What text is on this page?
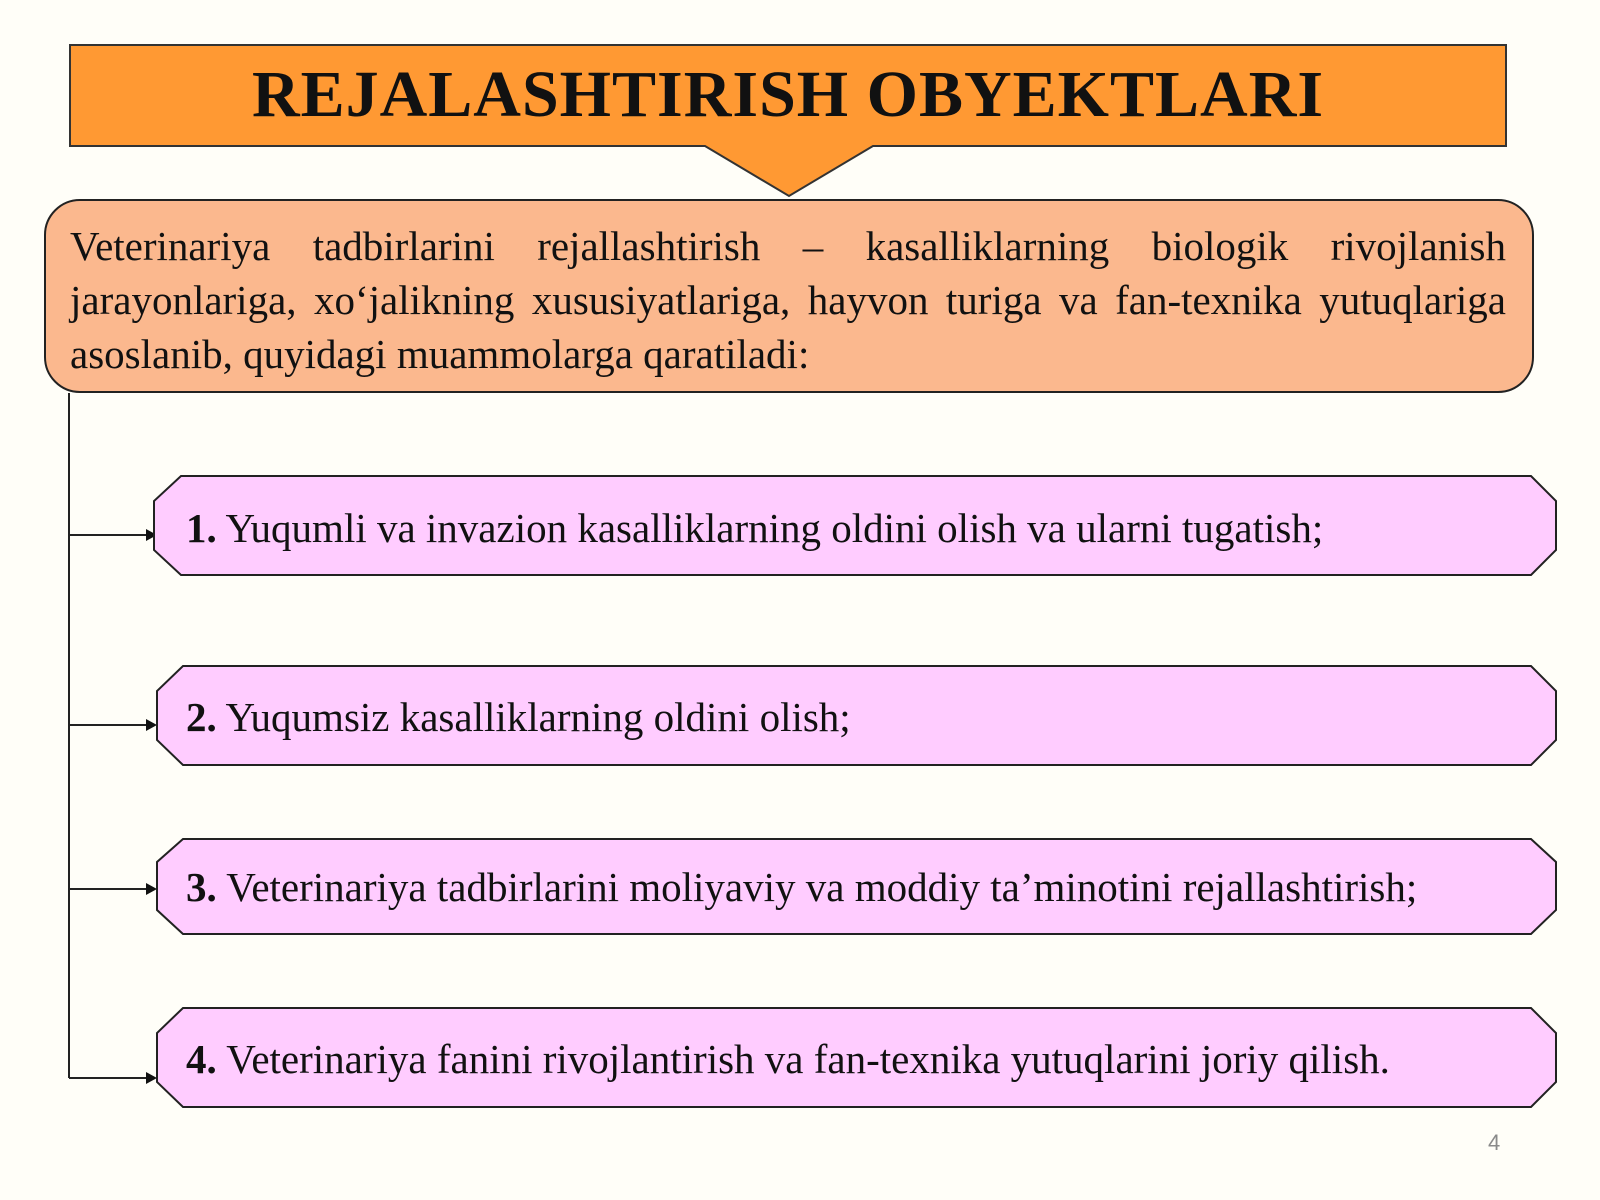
REJALASHTIRISH OBYEKTLARI
Veterinariya tadbirlarini rejallashtirish – kasalliklarning biologik rivojlanish jarayonlariga, xo‘jalikning xususiyatlariga, hayvon turiga va fan-texnika yutuqlariga asoslanib, quyidagi muammolarga qaratiladi:
1. Yuqumli va invazion kasalliklarning oldini olish va ularni tugatish;
2. Yuqumsiz kasalliklarning oldini olish;
3. Veterinariya tadbirlarini moliyaviy va moddiy ta’minotini rejallashtirish;
4. Veterinariya fanini rivojlantirish va fan-texnika yutuqlarini joriy qilish.
4
